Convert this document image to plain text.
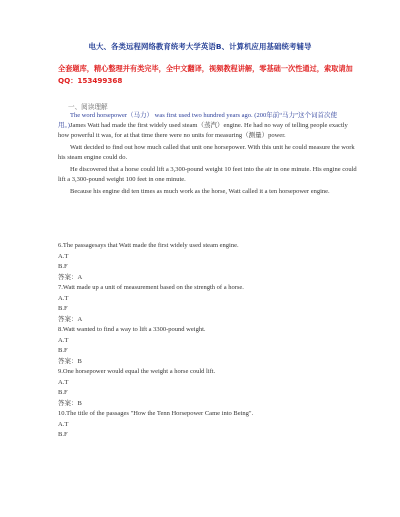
电大、各类远程网络教育统考大学英语B、计算机应用基础统考辅导
全套题库，精心整理并有类完毕，全中文翻译，视频教程讲解，零基础一次性通过，索取请加QQ：153499368
一、阅读理解

The word horsepower（马力） was first used two hundred years ago. (200年前“马力”这个词首次使用。)James Watt had made the first widely used steam（蒸汽）engine. He had no way of telling people exactly how powerful it was, for at that time there were no units for measuring（测量）power.

Watt decided to find out how much called that unit one horsepower. With this unit he could measure the work his steam engine could do.

He discovered that a horse could lift a 3,300-pound weight 10 feet into the air in one minute. His engine could lift a 3,300-pound weight 100 feet in one minute.

Because his engine did ten times as much work as the horse, Watt called it a ten horsepower engine.

6.The passagesays that Watt made the first widely used steam engine.

A.T

B.F

答案：A

7.Watt made up a unit of measurement based on the strength of a horse.

A.T

B.F

答案：A

8.Watt wanted to find a way to lift a 3300-pound weight.

A.T

B.F

答案：B

9.One horsepower would equal the weight a horse could lift.

A.T

B.F

答案：B

10.The title of the passages "How the Tenn Horsepower Came into Being".

A.T

B.F
